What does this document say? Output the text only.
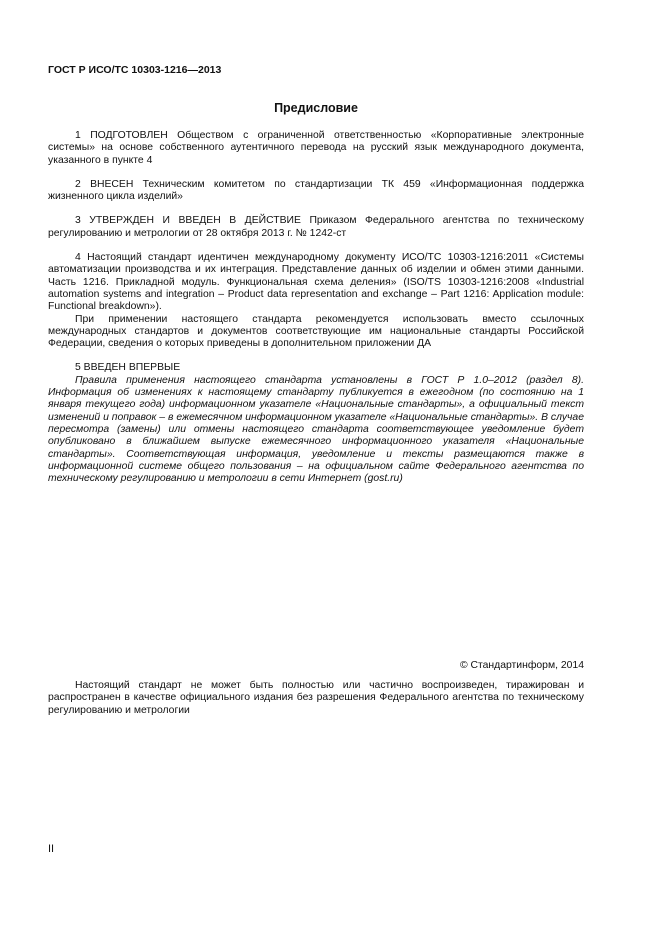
ГОСТ Р ИСО/ТС 10303-1216—2013
Предисловие

1 ПОДГОТОВЛЕН Обществом с ограниченной ответственностью «Корпоративные электронные системы» на основе собственного аутентичного перевода на русский язык международного документа, указанного в пункте 4

2 ВНЕСЕН Техническим комитетом по стандартизации ТК 459 «Информационная поддержка жизненного цикла изделий»

3 УТВЕРЖДЕН И ВВЕДЕН В ДЕЙСТВИЕ Приказом Федерального агентства по техническому регулированию и метрологии от 28 октября 2013 г. № 1242-ст

4 Настоящий стандарт идентичен международному документу ИСО/ТС 10303-1216:2011 «Системы автоматизации производства и их интеграция. Представление данных об изделии и обмен этими данными. Часть 1216. Прикладной модуль. Функциональная схема деления» (ISO/TS 10303-1216:2008 «Industrial automation systems and integration – Product data representation and exchange – Part 1216: Application module: Functional breakdown»).

При применении настоящего стандарта рекомендуется использовать вместо ссылочных международных стандартов и документов соответствующие им национальные стандарты Российской Федерации, сведения о которых приведены в дополнительном приложении ДА

5 ВВЕДЕН ВПЕРВЫЕ

Правила применения настоящего стандарта установлены в ГОСТ Р 1.0–2012 (раздел 8). Информация об изменениях к настоящему стандарту публикуется в ежегодном (по состоянию на 1 января текущего года) информационном указателе «Национальные стандарты», а официальный текст изменений и поправок – в ежемесячном информационном указателе «Национальные стандарты». В случае пересмотра (замены) или отмены настоящего стандарта соответствующее уведомление будет опубликовано в ближайшем выпуске ежемесячного информационного указателя «Национальные стандарты». Соответствующая информация, уведомление и тексты размещаются также в информационной системе общего пользования – на официальном сайте Федерального агентства по техническому регулированию и метрологии в сети Интернет (gost.ru)

© Стандартинформ, 2014

Настоящий стандарт не может быть полностью или частично воспроизведен, тиражирован и распространен в качестве официального издания без разрешения Федерального агентства по техническому регулированию и метрологии

II
